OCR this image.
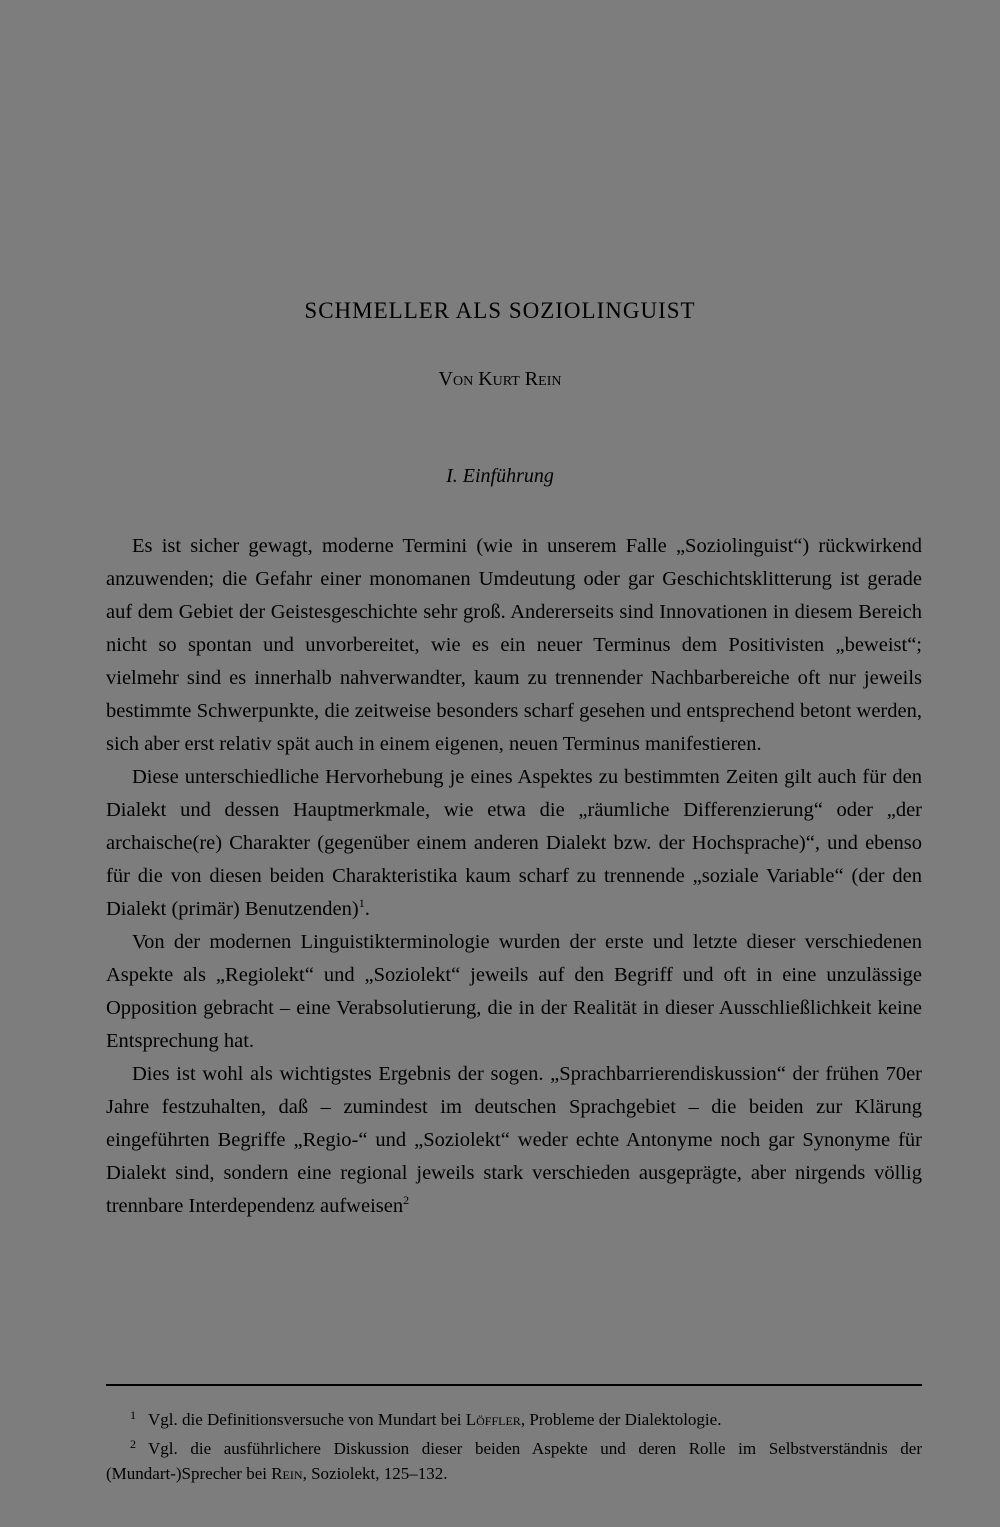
SCHMELLER ALS SOZIOLINGUIST
Von Kurt Rein
I. Einführung

Es ist sicher gewagt, moderne Termini (wie in unserem Falle „Soziolinguist“) rückwirkend anzuwenden; die Gefahr einer monomanen Umdeutung oder gar Geschichtsklitterung ist gerade auf dem Gebiet der Geistesgeschichte sehr groß. Andererseits sind Innovationen in diesem Bereich nicht so spontan und unvorbereitet, wie es ein neuer Terminus dem Positivisten „beweist“; vielmehr sind es innerhalb nahverwandter, kaum zu trennender Nachbarbereiche oft nur jeweils bestimmte Schwerpunkte, die zeitweise besonders scharf gesehen und entsprechend betont werden, sich aber erst relativ spät auch in einem eigenen, neuen Terminus manifestieren.

Diese unterschiedliche Hervorhebung je eines Aspektes zu bestimmten Zeiten gilt auch für den Dialekt und dessen Hauptmerkmale, wie etwa die „räumliche Differenzierung“ oder „der archaische(re) Charakter (gegenüber einem anderen Dialekt bzw. der Hochsprache)“, und ebenso für die von diesen beiden Charakteristika kaum scharf zu trennende „soziale Variable“ (der den Dialekt (primär) Benutzenden)$^1$.

Von der modernen Linguistikterminologie wurden der erste und letzte dieser verschiedenen Aspekte als „Regiolekt“ und „Soziolekt“ jeweils auf den Begriff und oft in eine unzulässige Opposition gebracht – eine Verabsolutierung, die in der Realität in dieser Ausschließlichkeit keine Entsprechung hat.

Dies ist wohl als wichtigstes Ergebnis der sogen. „Sprachbarrierendiskussion“ der frühen 70er Jahre festzuhalten, daß – zumindest im deutschen Sprachgebiet – die beiden zur Klärung eingeführten Begriffe „Regio-“ und „Soziolekt“ weder echte Antonyme noch gar Synonyme für Dialekt sind, sondern eine regional jeweils stark verschieden ausgeprägte, aber nirgends völlig trennbare Interdependenz aufweisen$^2$

$^1$ Vgl. die Definitionsversuche von Mundart bei Löffler, Probleme der Dialektologie.

$^2$ Vgl. die ausführlichere Diskussion dieser beiden Aspekte und deren Rolle im Selbstverständnis der (Mundart-)Sprecher bei Rein, Soziolekt, 125–132.
